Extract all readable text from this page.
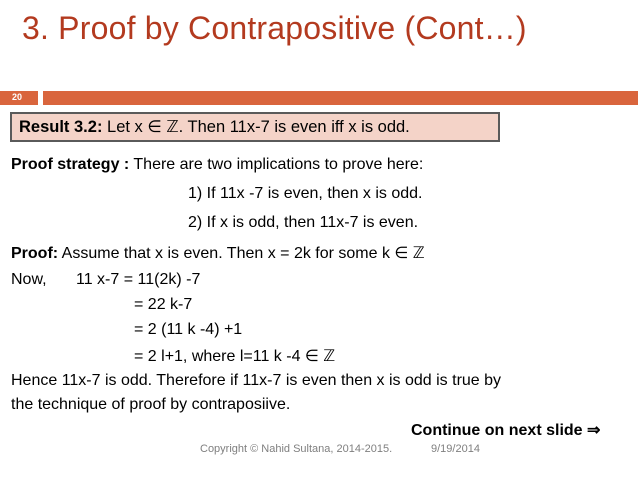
3. Proof by Contrapositive (Cont…)
20
Result 3.2: Let x ∈ ℤ. Then 11x-7 is even iff x is odd.
Proof strategy : There are two implications to prove here:
1) If 11x -7 is even, then x is odd.
2) If x is odd, then 11x-7 is even.
Proof: Assume that x is even. Then x = 2k for some k ∈ ℤ
Now, 11 x-7 = 11(2k) -7
= 22 k-7
= 2 (11 k -4) +1
= 2 l+1, where l=11 k -4 ∈ ℤ
Hence 11x-7 is odd. Therefore if 11x-7 is even then x is odd is true by
the technique of proof by contraposiive.
Continue on next slide ⇒
Copyright © Nahid Sultana, 2014-2015.	9/19/2014
